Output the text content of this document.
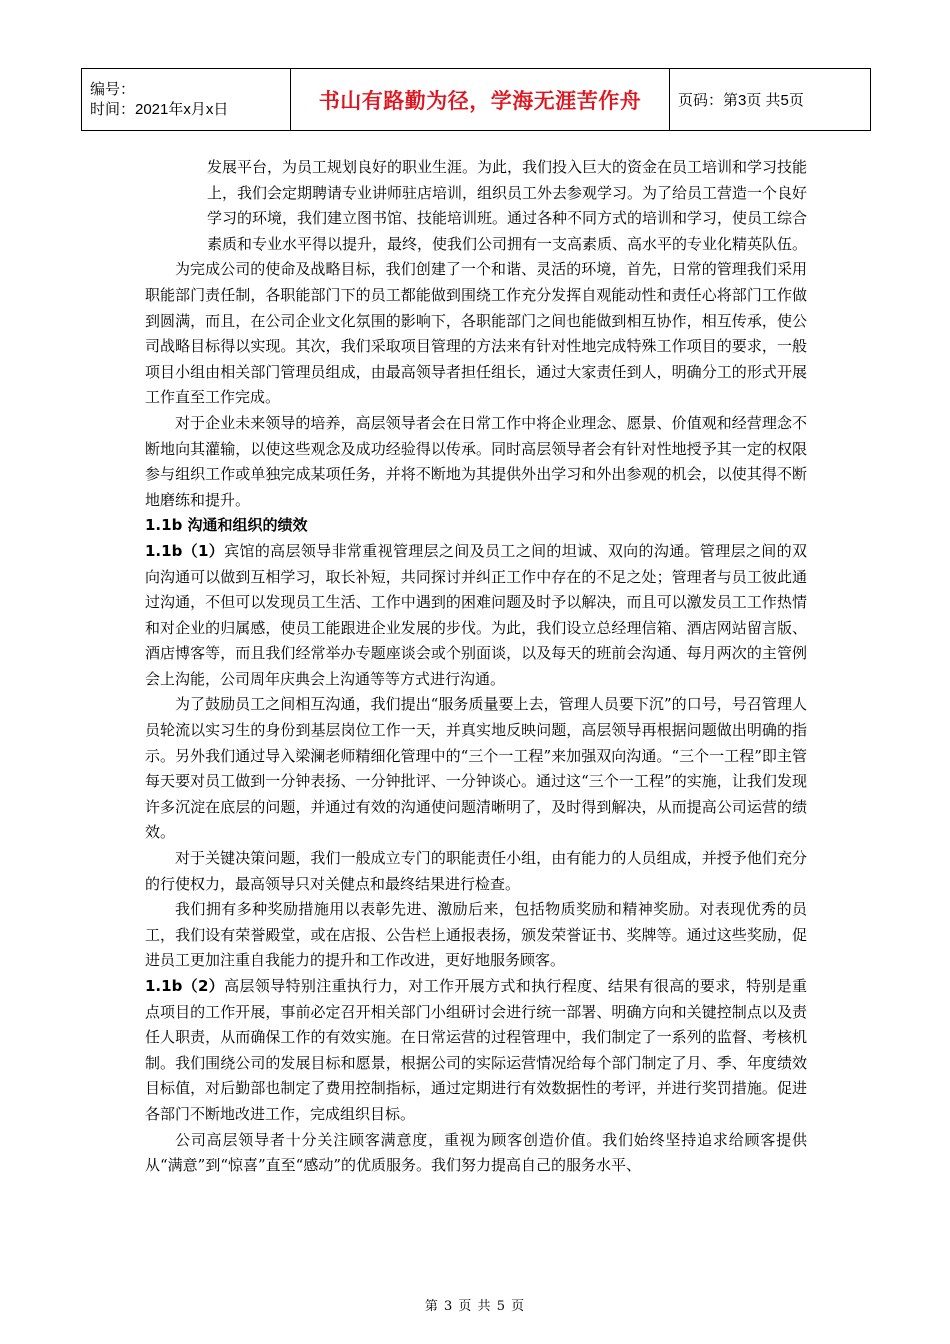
编号：
时间：2021年x月x日	书山有路勤为径，学海无涯苦作舟	页码：第3页 共5页

发展平台，为员工规划良好的职业生涯。为此，我们投入巨大的资金在员工培训和学习技能上，我们会定期聘请专业讲师驻店培训，组织员工外去参观学习。为了给员工营造一个良好学习的环境，我们建立图书馆、技能培训班。通过各种不同方式的培训和学习，使员工综合素质和专业水平得以提升，最终，使我们公司拥有一支高素质、高水平的专业化精英队伍。

为完成公司的使命及战略目标，我们创建了一个和谐、灵活的环境，首先，日常的管理我们采用职能部门责任制，各职能部门下的员工都能做到围绕工作充分发挥自观能动性和责任心将部门工作做到圆满，而且，在公司企业文化氛围的影响下，各职能部门之间也能做到相互协作，相互传承，使公司战略目标得以实现。其次，我们采取项目管理的方法来有针对性地完成特殊工作项目的要求，一般项目小组由相关部门管理员组成，由最高领导者担任组长，通过大家责任到人，明确分工的形式开展工作直至工作完成。

对于企业未来领导的培养，高层领导者会在日常工作中将企业理念、愿景、价值观和经营理念不断地向其灌输，以使这些观念及成功经验得以传承。同时高层领导者会有针对性地授予其一定的权限参与组织工作或单独完成某项任务，并将不断地为其提供外出学习和外出参观的机会，以使其得不断地磨练和提升。

1.1b 沟通和组织的绩效

1.1b（1）宾馆的高层领导非常重视管理层之间及员工之间的坦诚、双向的沟通。管理层之间的双向沟通可以做到互相学习，取长补短，共同探讨并纠正工作中存在的不足之处；管理者与员工彼此通过沟通，不但可以发现员工生活、工作中遇到的困难问题及时予以解决，而且可以激发员工工作热情和对企业的归属感，使员工能跟进企业发展的步伐。为此，我们设立总经理信箱、酒店网站留言版、酒店博客等，而且我们经常举办专题座谈会或个别面谈，以及每天的班前会沟通、每月两次的主管例会上沟能，公司周年庆典会上沟通等等方式进行沟通。

为了鼓励员工之间相互沟通，我们提出“服务质量要上去，管理人员要下沉”的口号，号召管理人员轮流以实习生的身份到基层岗位工作一天，并真实地反映问题，高层领导再根据问题做出明确的指示。另外我们通过导入梁澜老师精细化管理中的“三个一工程”来加强双向沟通。“三个一工程”即主管每天要对员工做到一分钟表扬、一分钟批评、一分钟谈心。通过这“三个一工程”的实施，让我们发现许多沉淀在底层的问题，并通过有效的沟通使问题清晰明了，及时得到解决，从而提高公司运营的绩效。

对于关键决策问题，我们一般成立专门的职能责任小组，由有能力的人员组成，并授予他们充分的行使权力，最高领导只对关健点和最终结果进行检查。

我们拥有多种奖励措施用以表彰先进、激励后来，包括物质奖励和精神奖励。对表现优秀的员工，我们设有荣誉殿堂，或在店报、公告栏上通报表扬，颁发荣誉证书、奖牌等。通过这些奖励，促进员工更加注重自我能力的提升和工作改进，更好地服务顾客。

1.1b（2）高层领导特别注重执行力，对工作开展方式和执行程度、结果有很高的要求，特别是重点项目的工作开展，事前必定召开相关部门小组研讨会进行统一部署、明确方向和关键控制点以及责任人职责，从而确保工作的有效实施。在日常运营的过程管理中，我们制定了一系列的监督、考核机制。我们围绕公司的发展目标和愿景，根据公司的实际运营情况给每个部门制定了月、季、年度绩效目标值，对后勤部也制定了费用控制指标，通过定期进行有效数据性的考评，并进行奖罚措施。促进各部门不断地改进工作，完成组织目标。

公司高层领导者十分关注顾客满意度，重视为顾客创造价值。我们始终坚持追求给顾客提供从“满意”到“惊喜”直至“感动”的优质服务。我们努力提高自己的服务水平、

第 3 页 共 5 页
